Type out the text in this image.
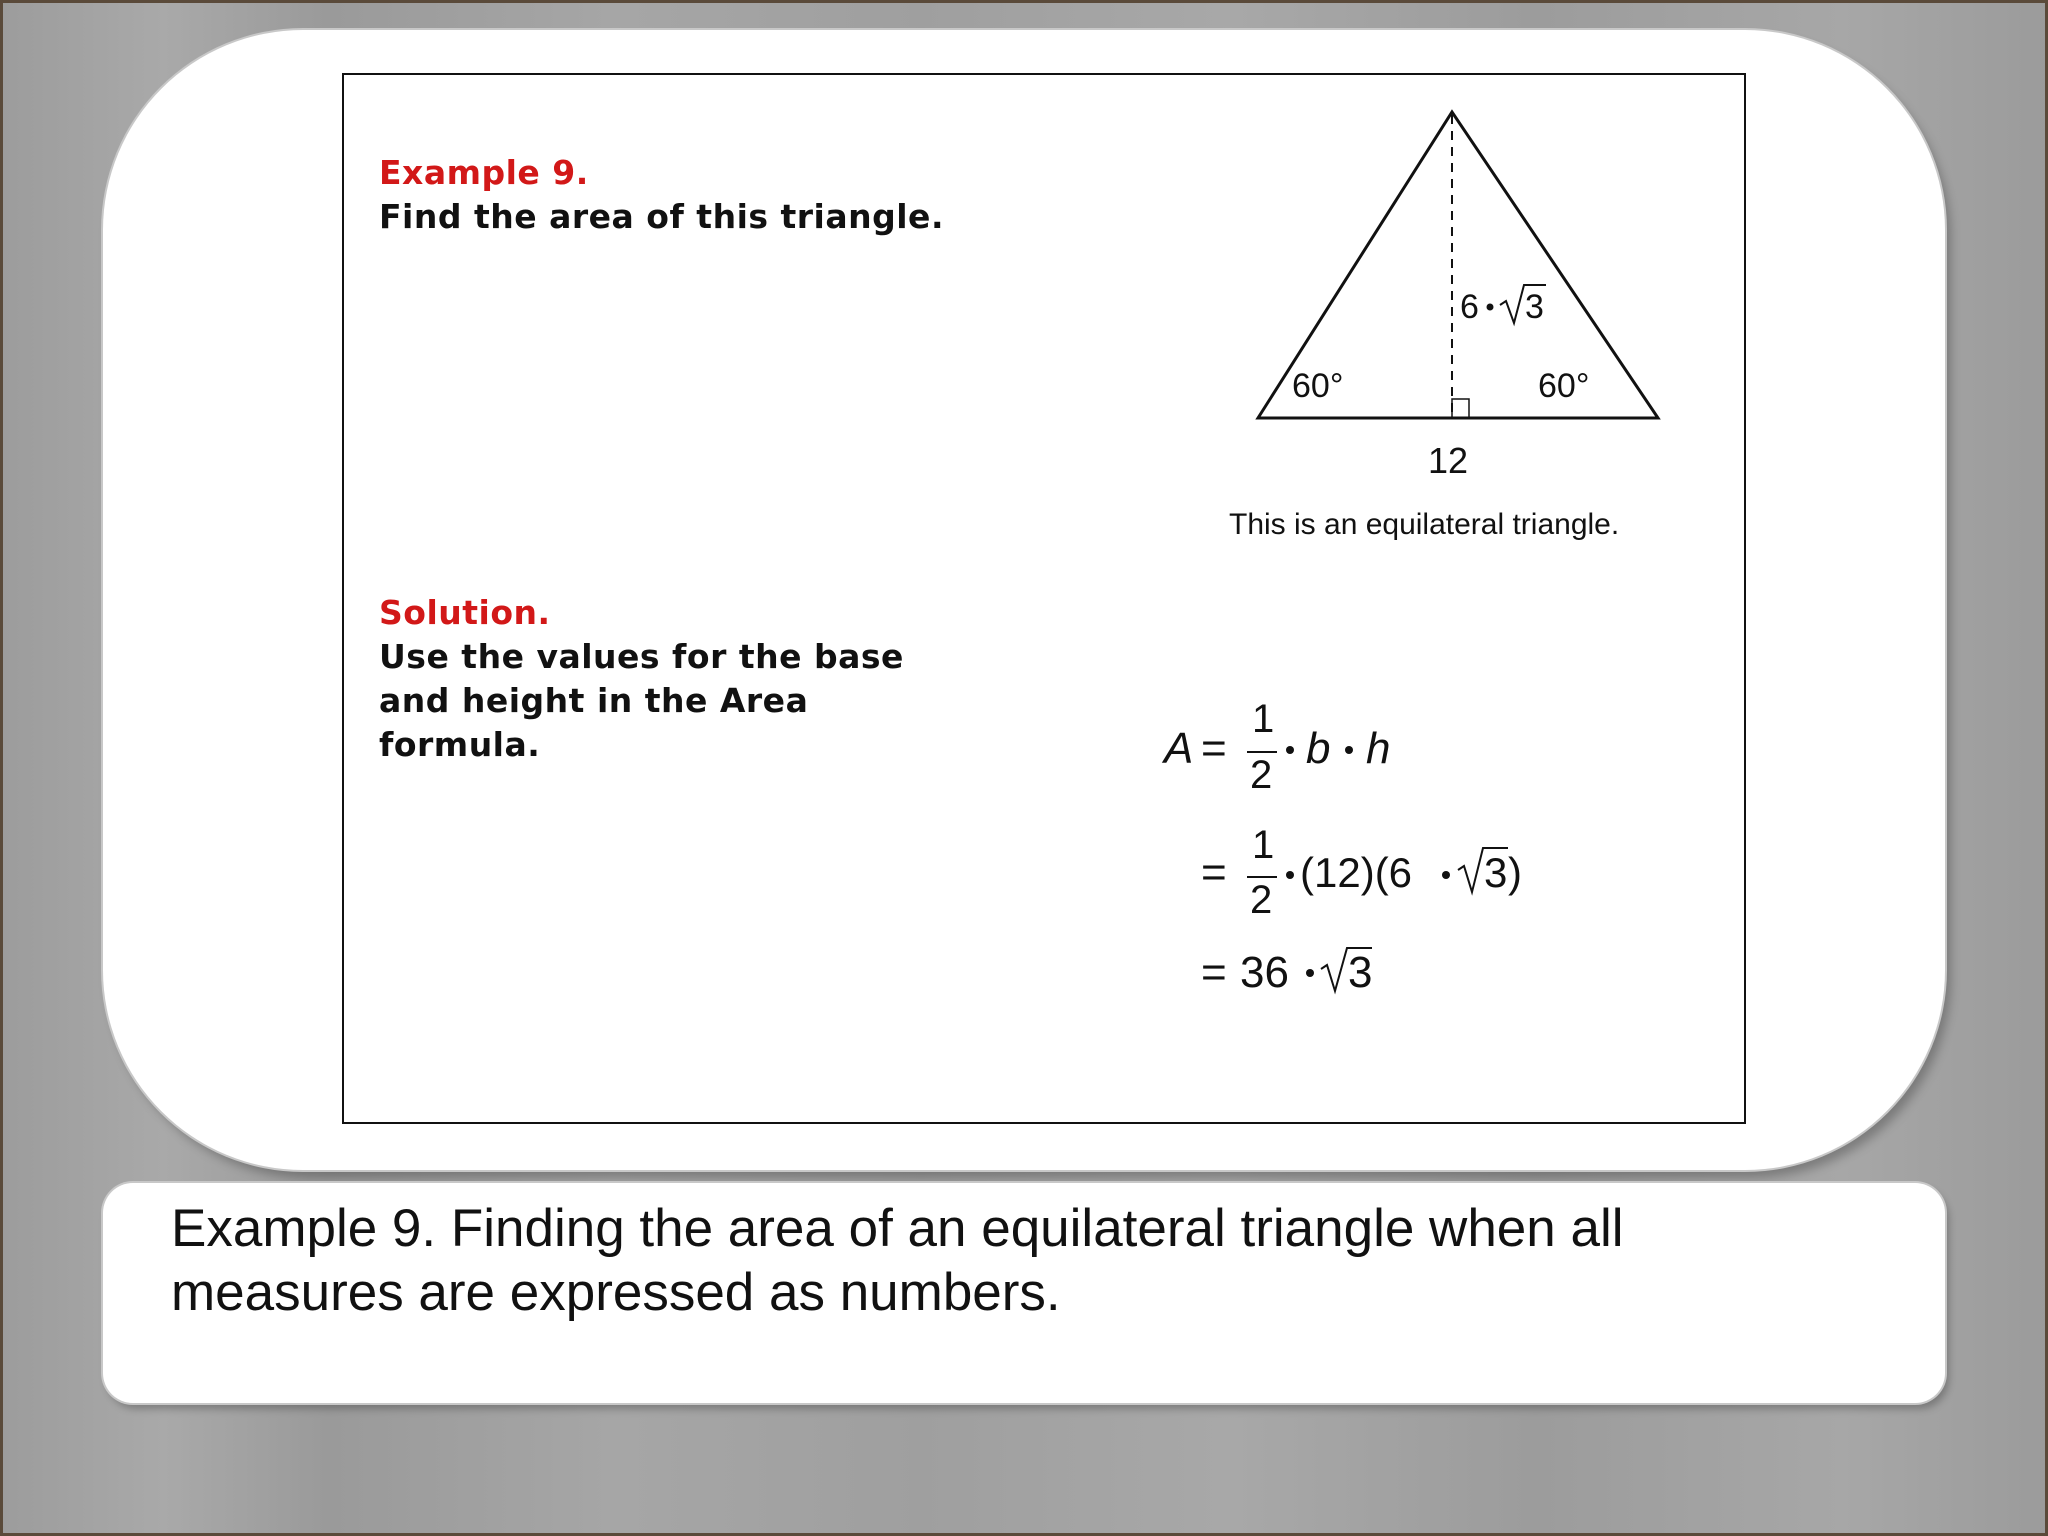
Example 9.

Find the area of this triangle.

Solution.

Use the values for the base

and height in the Area

formula.

60°	60°
6 3
12
This is an equilateral triangle.
A =
1
2
b h
=
1
2
(12)(6 3 )
= 36 3

Example 9. Finding the area of an equilateral triangle when all
measures are expressed as numbers.
